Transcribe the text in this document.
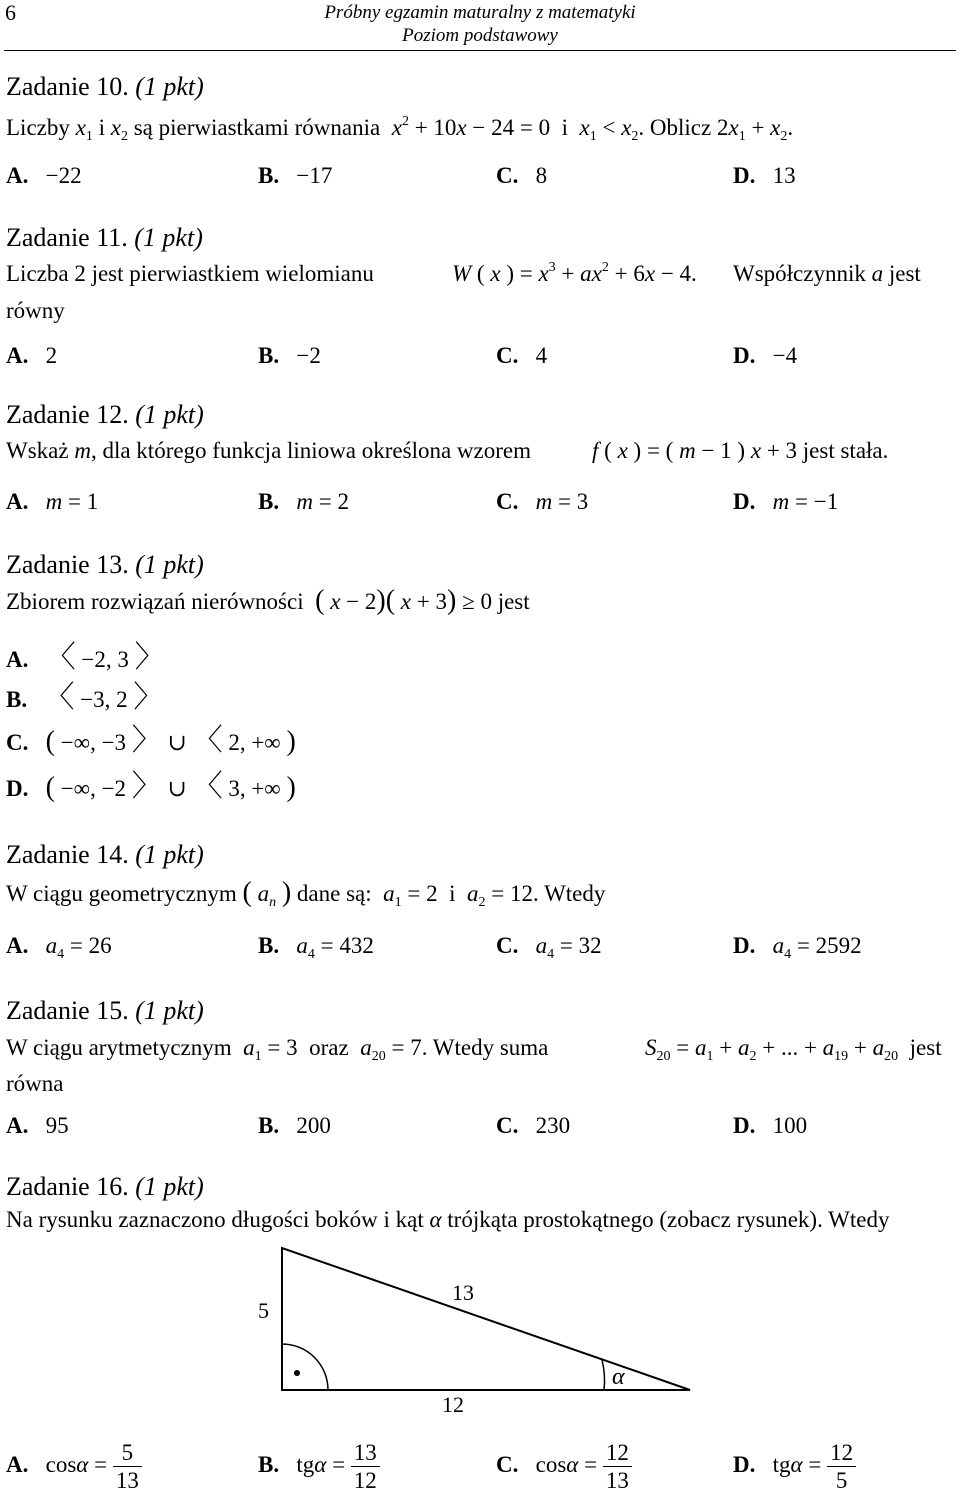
6	Próbny egzamin maturalny z matematyki
Poziom podstawowy
Zadanie 10. (1 pkt)
Liczby $x_1$ i $x_2$ są pierwiastkami równania $x^2 + 10x - 24 = 0$  i  $x_1 < x_2$. Oblicz $2x_1 + x_2$.
A. −22	B. −17	C. 8	D. 13
Zadanie 11. (1 pkt)
Liczba 2 jest pierwiastkiem wielomianu	W ( x ) = $x^3 + ax^2 + 6x - 4$. Współczynnik a jest
równy
A. 2	B. −2	C. 4	D. −4
Zadanie 12. (1 pkt)
Wskaż m, dla którego funkcja liniowa określona wzorem	f ( x ) = ( m − 1 ) x + 3 jest stała.
A. m = 1	B. m = 2	C. m = 3	D. m = −1
Zadanie 13. (1 pkt)
Zbiorem rozwiązań nierówności ( x − 2)( x + 3) ≥ 0 jest
A. 〈 −2, 3 〉
B. 〈 −3, 2 〉
C. ( −∞, −3 〉 ∪ 〈 2, +∞ )
D. ( −∞, −2 〉 ∪ 〈 3, +∞ )
Zadanie 14. (1 pkt)
W ciągu geometrycznym ( $a_n$ ) dane są: $a_1 = 2$  i $a_2 = 12$. Wtedy
A. $a_4 = 26$	B. $a_4 = 432$	C. $a_4 = 32$	D. $a_4 = 2592$
Zadanie 15. (1 pkt)
W ciągu arytmetycznym $a_1 = 3$  oraz $a_{20} = 7$. Wtedy suma	$S_{20} = a_1 + a_2$ + ... + $a_{19} + a_{20}$ jest
równa
A. 95	B. 200	C. 230	D. 100
Zadanie 16. (1 pkt)
Na rysunku zaznaczono długości boków i kąt α trójkąta prostokątnego (zobacz rysunek). Wtedy
5
13
12
α
A. $\cos\alpha = \frac{5}{13}$	B. $tg\alpha = \frac{13}{12}$	C. $\cos\alpha = \frac{12}{13}$	D. $tg\alpha = \frac{12}{5}$
